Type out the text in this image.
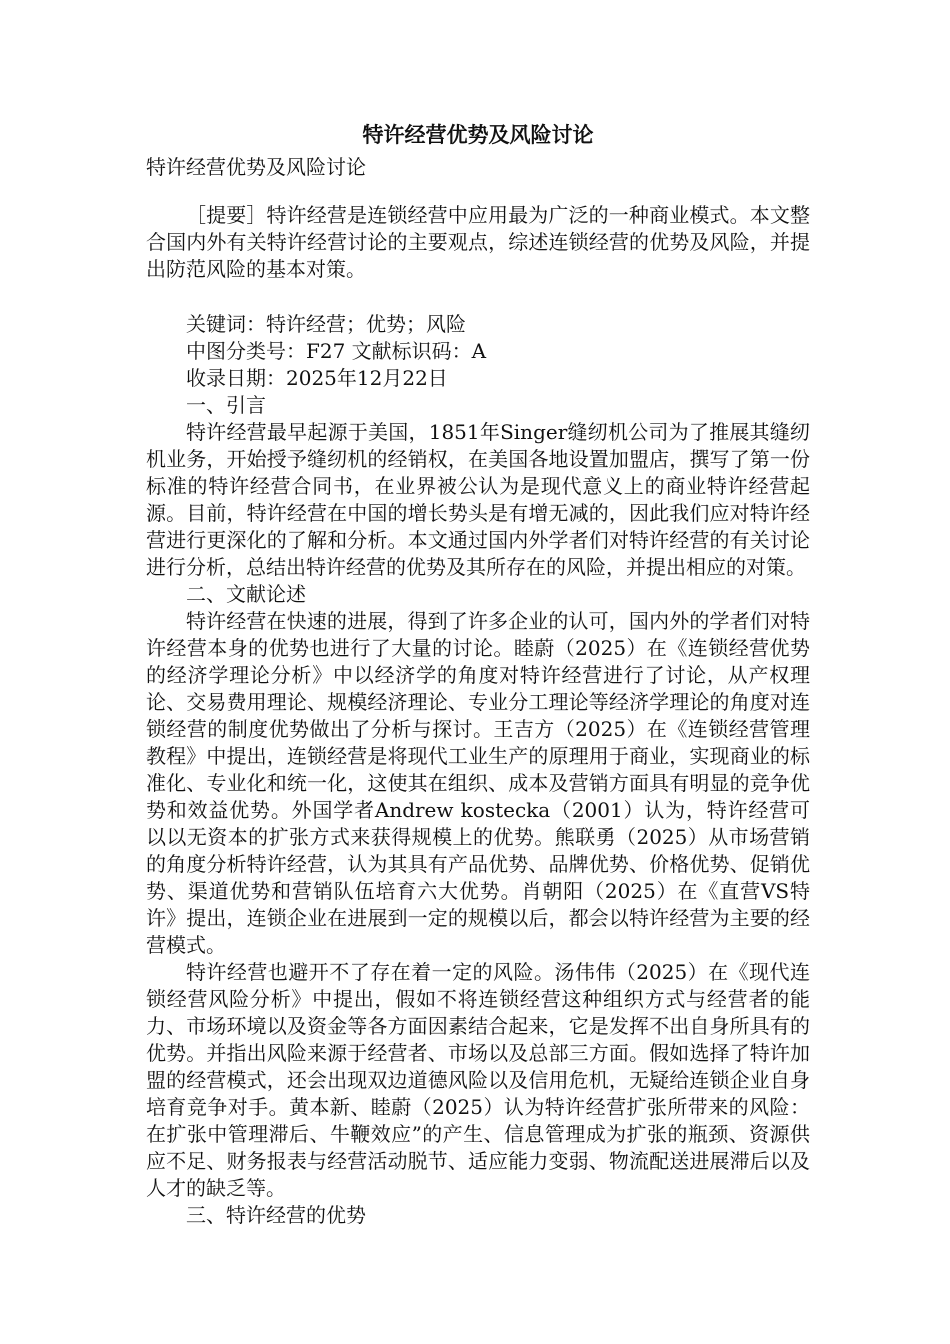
特许经营优势及风险讨论

特许经营优势及风险讨论

［提要］特许经营是连锁经营中应用最为广泛的一种商业模式。本文整合国内外有关特许经营讨论的主要观点，综述连锁经营的优势及风险，并提出防范风险的基本对策。

关键词：特许经营；优势；风险

中图分类号：F27 文献标识码：A

收录日期：2025年12月22日

一、引言

特许经营最早起源于美国，1851年Singer缝纫机公司为了推展其缝纫机业务，开始授予缝纫机的经销权，在美国各地设置加盟店，撰写了第一份标准的特许经营合同书，在业界被公认为是现代意义上的商业特许经营起源。目前，特许经营在中国的增长势头是有增无减的，因此我们应对特许经营进行更深化的了解和分析。本文通过国内外学者们对特许经营的有关讨论进行分析，总结出特许经营的优势及其所存在的风险，并提出相应的对策。

二、文献论述

特许经营在快速的进展，得到了许多企业的认可，国内外的学者们对特许经营本身的优势也进行了大量的讨论。睦蔚（2025）在《连锁经营优势的经济学理论分析》中以经济学的角度对特许经营进行了讨论，从产权理论、交易费用理论、规模经济理论、专业分工理论等经济学理论的角度对连锁经营的制度优势做出了分析与探讨。王吉方（2025）在《连锁经营管理教程》中提出，连锁经营是将现代工业生产的原理用于商业，实现商业的标准化、专业化和统一化，这使其在组织、成本及营销方面具有明显的竞争优势和效益优势。外国学者Andrew kostecka（2001）认为，特许经营可以以无资本的扩张方式来获得规模上的优势。熊联勇（2025）从市场营销的角度分析特许经营，认为其具有产品优势、品牌优势、价格优势、促销优势、渠道优势和营销队伍培育六大优势。肖朝阳（2025）在《直营VS特许》提出，连锁企业在进展到一定的规模以后，都会以特许经营为主要的经营模式。

特许经营也避开不了存在着一定的风险。汤伟伟（2025）在《现代连锁经营风险分析》中提出，假如不将连锁经营这种组织方式与经营者的能力、市场环境以及资金等各方面因素结合起来，它是发挥不出自身所具有的优势。并指出风险来源于经营者、市场以及总部三方面。假如选择了特许加盟的经营模式，还会出现双边道德风险以及信用危机，无疑给连锁企业自身培育竞争对手。黄本新、睦蔚（2025）认为特许经营扩张所带来的风险：在扩张中管理滞后、牛鞭效应”的产生、信息管理成为扩张的瓶颈、资源供应不足、财务报表与经营活动脱节、适应能力变弱、物流配送进展滞后以及人才的缺乏等。

三、特许经营的优势
